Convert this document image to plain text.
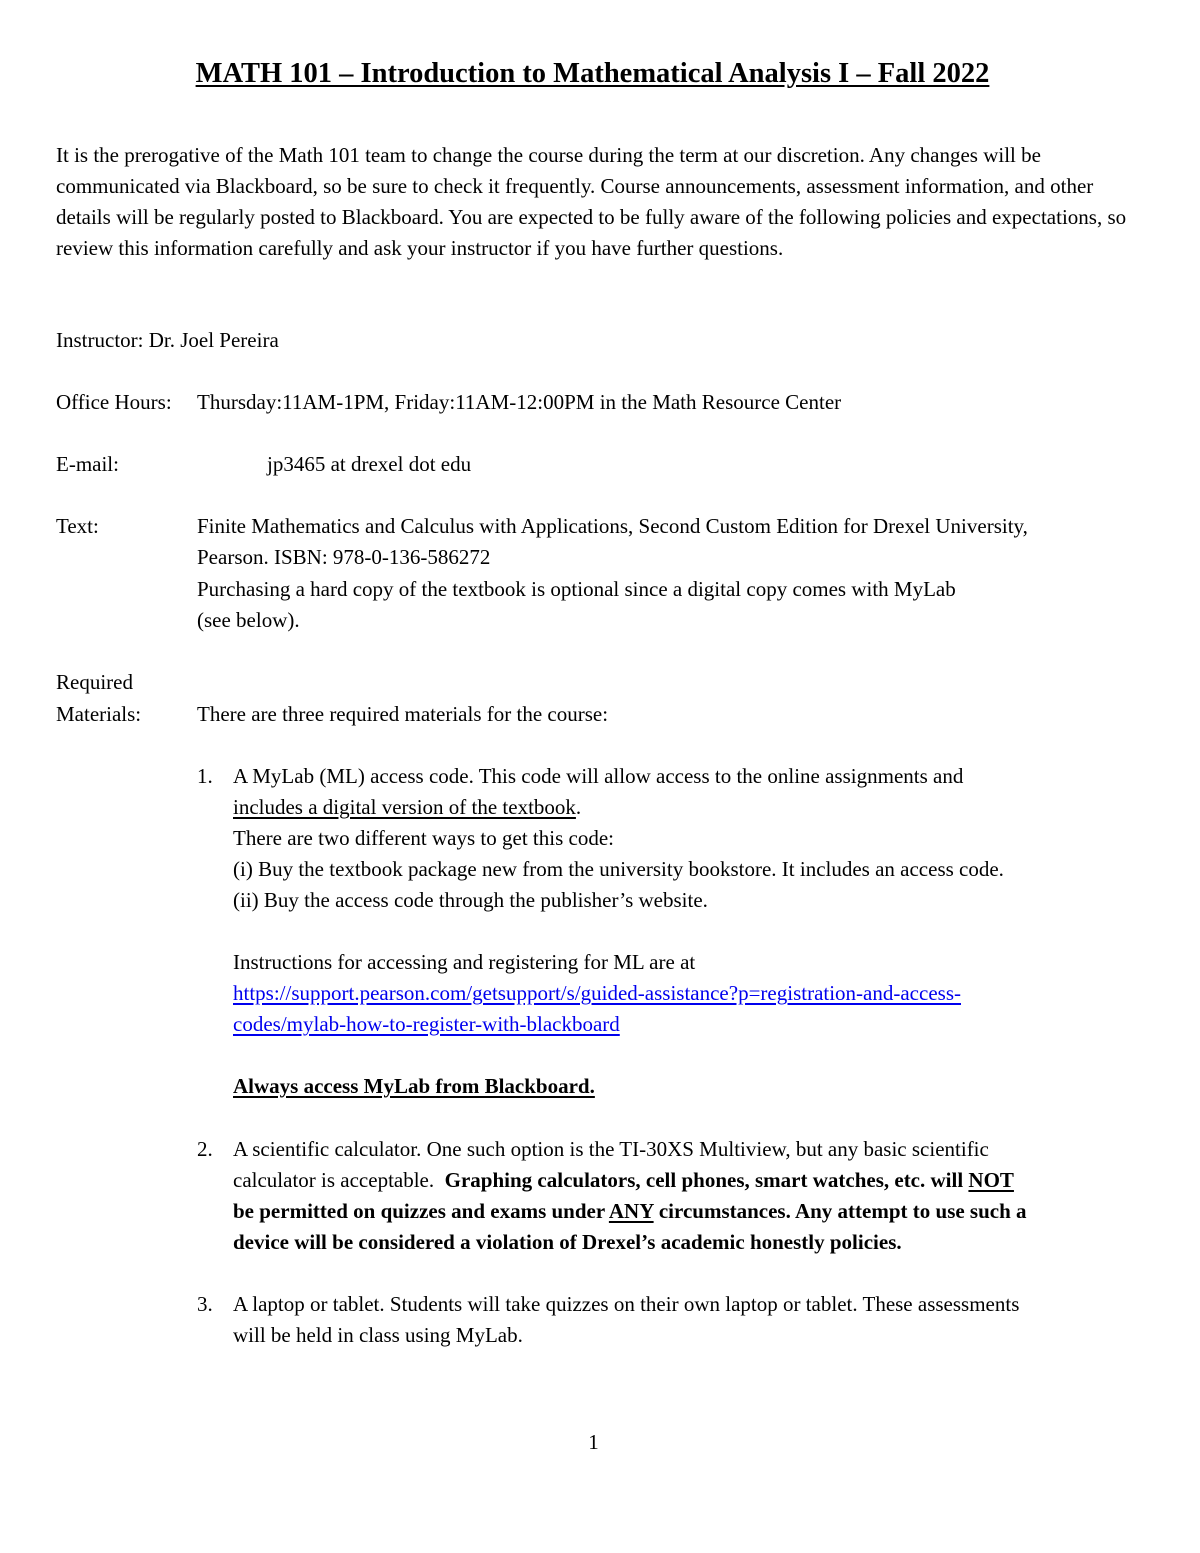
MATH 101 – Introduction to Mathematical Analysis I – Fall 2022
It is the prerogative of the Math 101 team to change the course during the term at our discretion. Any changes will be communicated via Blackboard, so be sure to check it frequently. Course announcements, assessment information, and other details will be regularly posted to Blackboard. You are expected to be fully aware of the following policies and expectations, so review this information carefully and ask your instructor if you have further questions.
Instructor: Dr. Joel Pereira
Office Hours: Thursday:11AM-1PM, Friday:11AM-12:00PM in the Math Resource Center
E-mail:	jp3465 at drexel dot edu
Text:	Finite Mathematics and Calculus with Applications, Second Custom Edition for Drexel University,
Pearson. ISBN: 978-0-136-586272
Purchasing a hard copy of the textbook is optional since a digital copy comes with MyLab
(see below).
Required
Materials:	There are three required materials for the course:
1. A MyLab (ML) access code. This code will allow access to the online assignments and
includes a digital version of the textbook.
There are two different ways to get this code:
(i) Buy the textbook package new from the university bookstore. It includes an access code.
(ii) Buy the access code through the publisher’s website.
Instructions for accessing and registering for ML are at
https://support.pearson.com/getsupport/s/guided-assistance?p=registration-and-access-
codes/mylab-how-to-register-with-blackboard
Always access MyLab from Blackboard.
2. A scientific calculator. One such option is the TI-30XS Multiview, but any basic scientific
calculator is acceptable.  Graphing calculators, cell phones, smart watches, etc. will NOT
be permitted on quizzes and exams under ANY circumstances. Any attempt to use such a
device will be considered a violation of Drexel’s academic honestly policies.
3. A laptop or tablet. Students will take quizzes on their own laptop or tablet. These assessments
will be held in class using MyLab.
1
